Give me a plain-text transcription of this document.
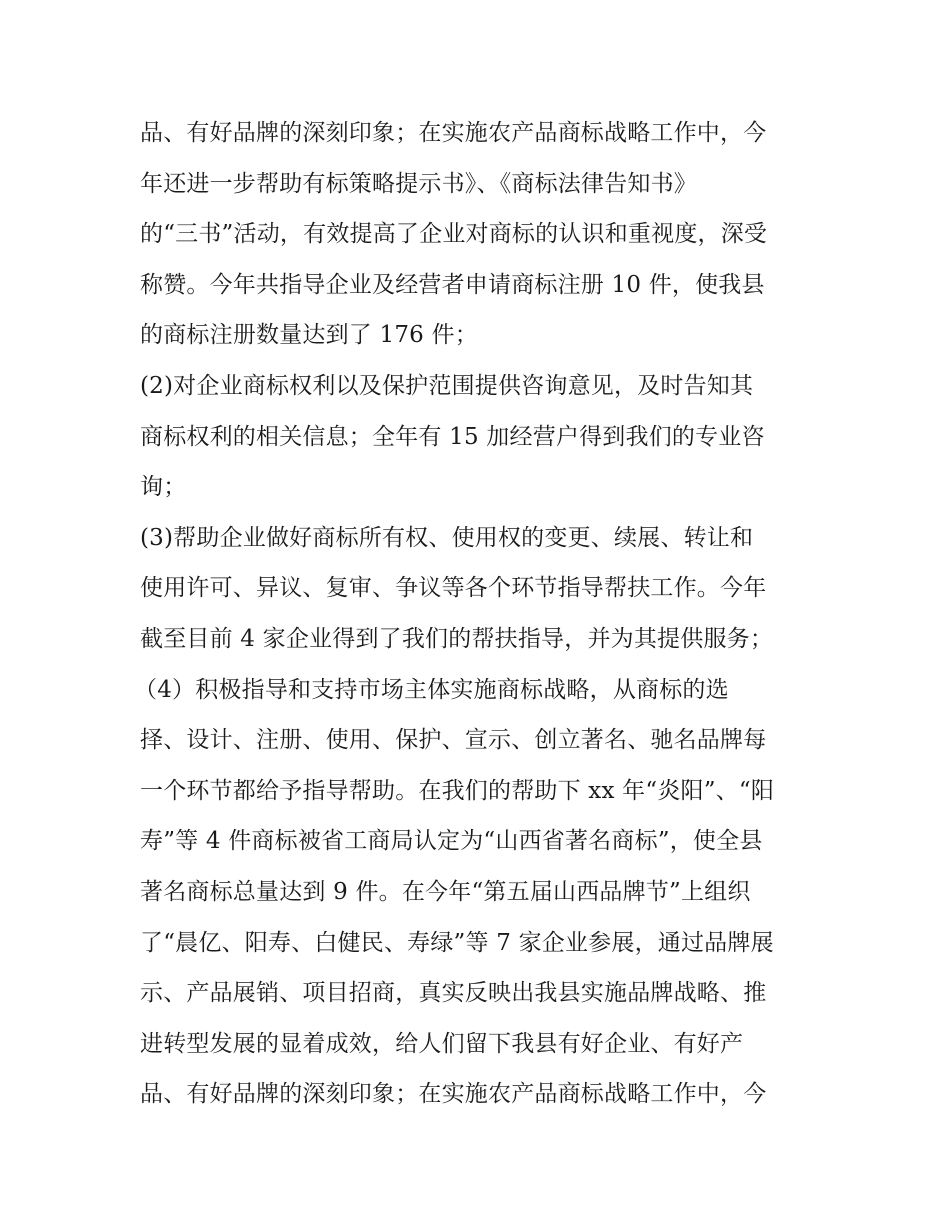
品、有好品牌的深刻印象；在实施农产品商标战略工作中，今
年还进一步帮助有标策略提示书》、《商标法律告知书》
的“三书”活动，有效提高了企业对商标的认识和重视度，深受
称赞。今年共指导企业及经营者申请商标注册 10 件，使我县
的商标注册数量达到了 176 件；
(2)对企业商标权利以及保护范围提供咨询意见，及时告知其
商标权利的相关信息；全年有 15 加经营户得到我们的专业咨
询；
(3)帮助企业做好商标所有权、使用权的变更、续展、转让和
使用许可、异议、复审、争议等各个环节指导帮扶工作。今年
截至目前 4 家企业得到了我们的帮扶指导，并为其提供服务；
（4）积极指导和支持市场主体实施商标战略，从商标的选
择、设计、注册、使用、保护、宣示、创立著名、驰名品牌每
一个环节都给予指导帮助。在我们的帮助下 xx 年“炎阳”、“阳
寿”等 4 件商标被省工商局认定为“山西省著名商标”，使全县
著名商标总量达到 9 件。在今年“第五届山西品牌节”上组织
了“晨亿、阳寿、白健民、寿绿”等 7 家企业参展，通过品牌展
示、产品展销、项目招商，真实反映出我县实施品牌战略、推
进转型发展的显着成效，给人们留下我县有好企业、有好产
品、有好品牌的深刻印象；在实施农产品商标战略工作中，今
